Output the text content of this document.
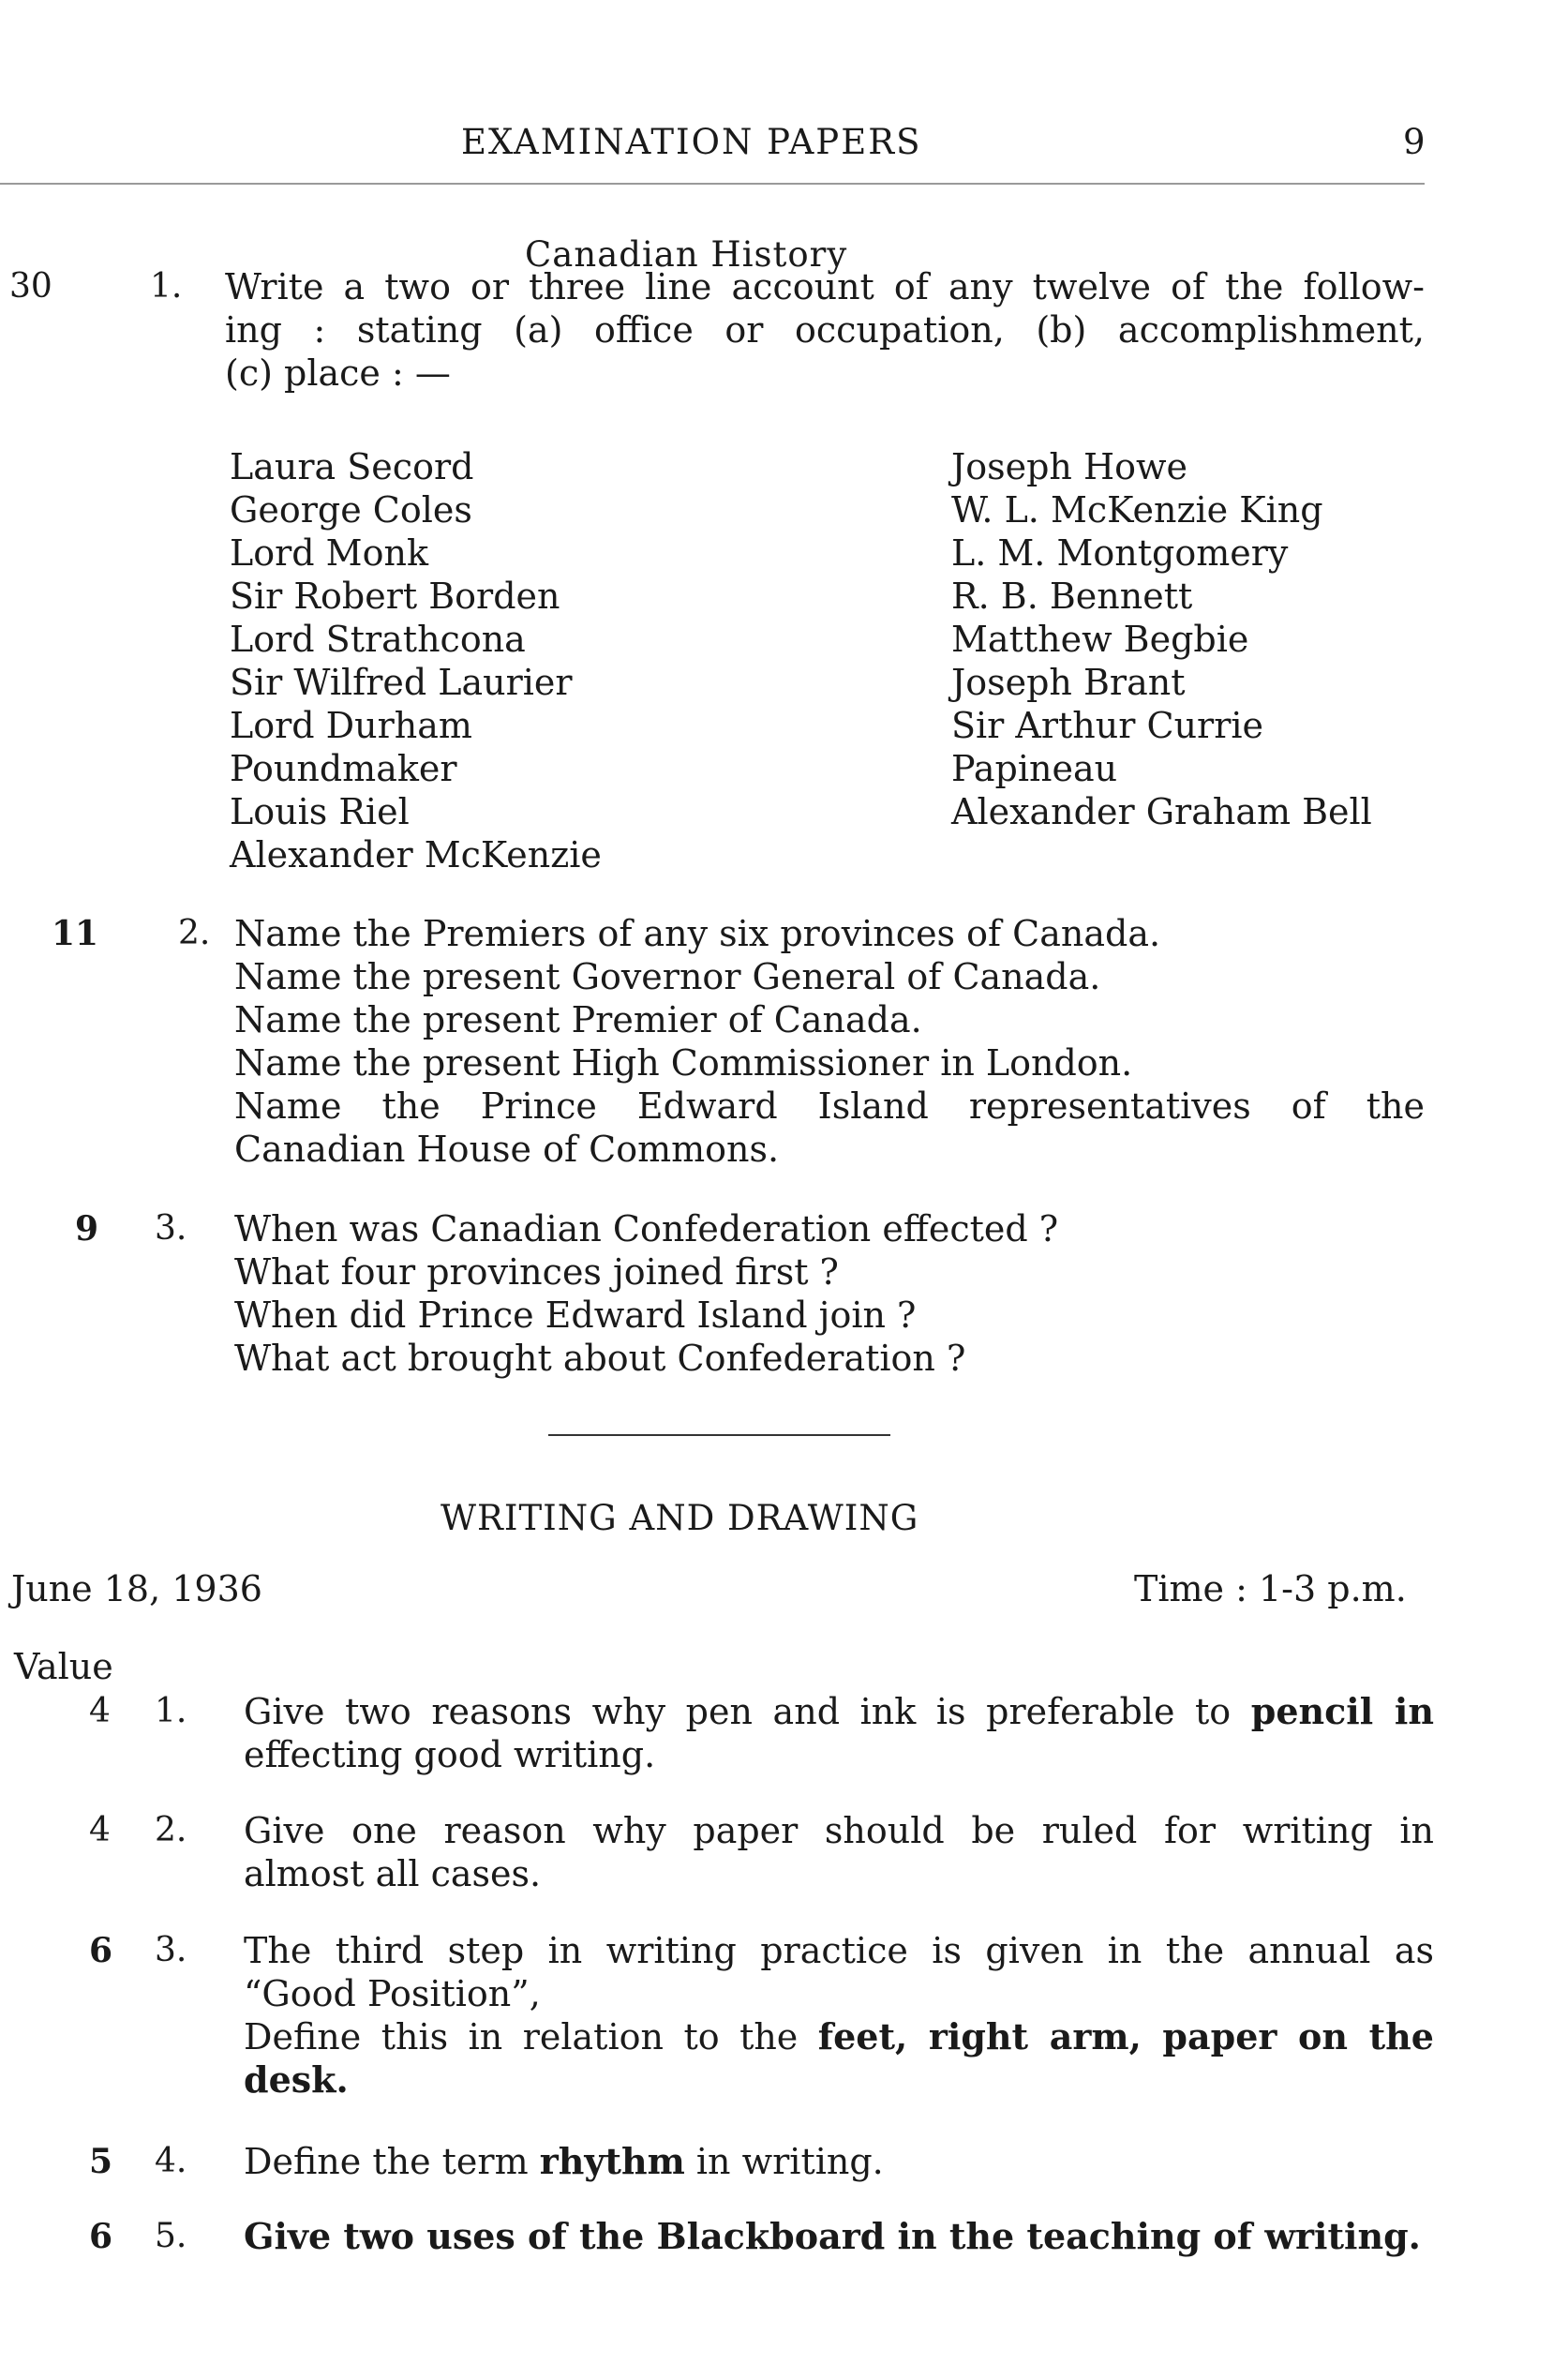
EXAMINATION PAPERS	9
Canadian History
30	1. Write a two or three line account of any twelve of the follow-
ing : stating (a) office or occupation, (b) accomplishment,
(c) place : —
Laura Secord
George Coles
Lord Monk
Sir Robert Borden
Lord Strathcona
Sir Wilfred Laurier
Lord Durham
Poundmaker
Louis Riel
Alexander McKenzie
Joseph Howe
W. L. McKenzie King
L. M. Montgomery
R. B. Bennett
Matthew Begbie
Joseph Brant
Sir Arthur Currie
Papineau
Alexander Graham Bell
11 2. Name the Premiers of any six provinces of Canada.
Name the present Governor General of Canada.
Name the present Premier of Canada.
Name the present High Commissioner in London.
Name the Prince Edward Island representatives of the
Canadian House of Commons.
9 3. When was Canadian Confederation effected ?
What four provinces joined first ?
When did Prince Edward Island join ?
What act brought about Confederation ?
WRITING AND DRAWING
June 18, 1936	Time : 1-3 p.m.
Value
4 1. Give two reasons why pen and ink is preferable to pencil in
effecting good writing.
4 2. Give one reason why paper should be ruled for writing in
almost all cases.
6 3. The third step in writing practice is given in the annual as
“Good Position”,
Define this in relation to the feet, right arm, paper on the
desk.
5 4. Define the term rhythm in writing.
6 5. Give two uses of the Blackboard in the teaching of writing.
